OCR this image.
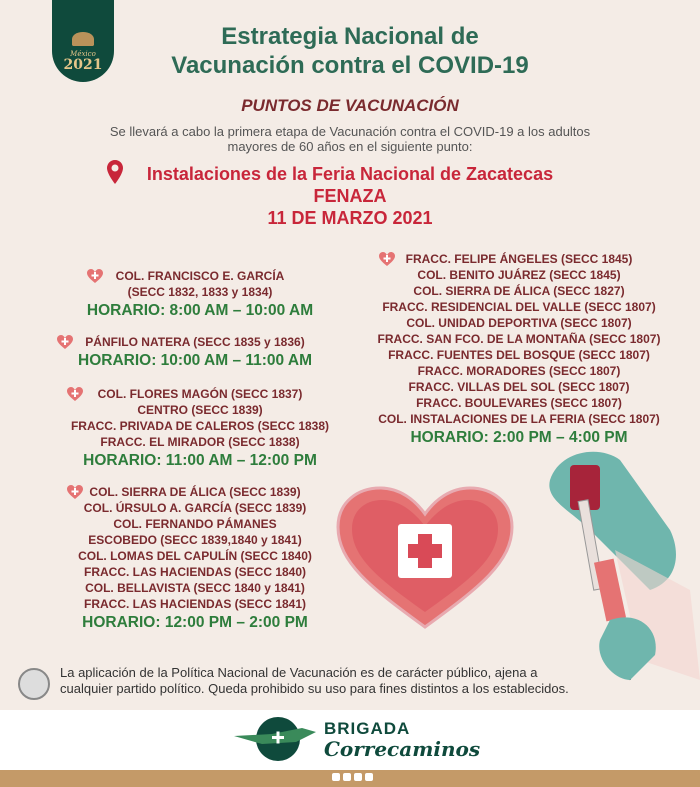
México
2021
Estrategia Nacional de
Vacunación contra el COVID-19
PUNTOS DE VACUNACIÓN
Se llevará a cabo la primera etapa de Vacunación contra el COVID-19 a los adultos
mayores de 60 años en el siguiente punto:
Instalaciones de la Feria Nacional de Zacatecas
FENAZA
11 DE MARZO 2021
COL. FRANCISCO E. GARCÍA
(SECC 1832, 1833 y 1834)
HORARIO: 8:00 AM – 10:00 AM
PÁNFILO NATERA (SECC 1835 y 1836)
HORARIO: 10:00 AM – 11:00 AM
COL. FLORES MAGÓN (SECC 1837)
CENTRO (SECC 1839)
FRACC. PRIVADA DE CALEROS (SECC 1838)
FRACC. EL MIRADOR (SECC 1838)
HORARIO: 11:00 AM – 12:00 PM
COL. SIERRA DE ÁLICA (SECC 1839)
COL. ÚRSULO A. GARCÍA (SECC 1839)
COL. FERNANDO PÁMANES
ESCOBEDO (SECC 1839,1840 y 1841)
COL. LOMAS DEL CAPULÍN (SECC 1840)
FRACC. LAS HACIENDAS (SECC 1840)
COL. BELLAVISTA (SECC 1840 y 1841)
FRACC. LAS HACIENDAS (SECC 1841)
HORARIO: 12:00 PM – 2:00 PM
FRACC. FELIPE ÁNGELES (SECC 1845)
COL. BENITO JUÁREZ (SECC 1845)
COL. SIERRA DE ÁLICA (SECC 1827)
FRACC. RESIDENCIAL DEL VALLE (SECC 1807)
COL. UNIDAD DEPORTIVA (SECC 1807)
FRACC. SAN FCO. DE LA MONTAÑA (SECC 1807)
FRACC. FUENTES DEL BOSQUE (SECC 1807)
FRACC. MORADORES (SECC 1807)
FRACC. VILLAS DEL SOL (SECC 1807)
FRACC. BOULEVARES (SECC 1807)
COL. INSTALACIONES DE LA FERIA (SECC 1807)
HORARIO: 2:00 PM – 4:00 PM
La aplicación de la Política Nacional de Vacunación es de carácter público, ajena a
cualquier partido político. Queda prohibido su uso para fines distintos a los establecidos.
BRIGADA
Correcaminos
